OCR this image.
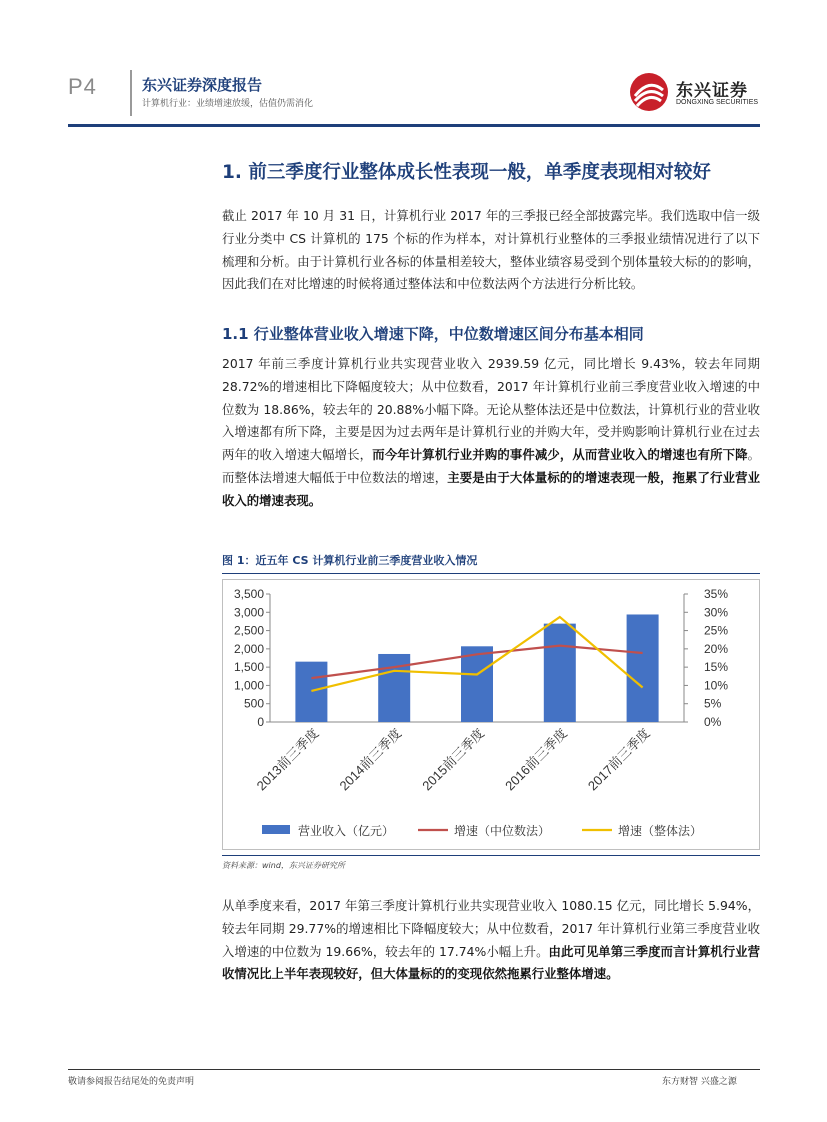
P4	东兴证券深度报告
计算机行业：业绩增速放缓，估值仍需消化
东兴证券
DONGXING SECURITIES
1. 前三季度行业整体成长性表现一般，单季度表现相对较好
截止 2017 年 10 月 31 日，计算机行业 2017 年的三季报已经全部披露完毕。我们选取中信一级行业分类中 CS 计算机的 175 个标的作为样本，对计算机行业整体的三季报业绩情况进行了以下梳理和分析。由于计算机行业各标的体量相差较大，整体业绩容易受到个别体量较大标的的影响，因此我们在对比增速的时候将通过整体法和中位数法两个方法进行分析比较。
1.1 行业整体营业收入增速下降，中位数增速区间分布基本相同
2017 年前三季度计算机行业共实现营业收入 2939.59 亿元，同比增长 9.43%，较去年同期 28.72%的增速相比下降幅度较大；从中位数看，2017 年计算机行业前三季度营业收入增速的中位数为 18.86%，较去年的 20.88%小幅下降。无论从整体法还是中位数法，计算机行业的营业收入增速都有所下降，主要是因为过去两年是计算机行业的并购大年，受并购影响计算机行业在过去两年的收入增速大幅增长，而今年计算机行业并购的事件减少，从而营业收入的增速也有所下降。而整体法增速大幅低于中位数法的增速，主要是由于大体量标的的增速表现一般，拖累了行业营业收入的增速表现。
图 1：近五年 CS 计算机行业前三季度营业收入情况
0
500
1,000
1,500
2,000
2,500
3,000
3,500
0%
5%
10%
15%
20%
25%
30%
35%
2013前三季度 2014前三季度 2015前三季度 2016前三季度 2017前三季度
营业收入（亿元）	增速（中位数法）	增速（整体法）
资料来源：wind，东兴证券研究所
从单季度来看，2017 年第三季度计算机行业共实现营业收入 1080.15 亿元，同比增长 5.94%，较去年同期 29.77%的增速相比下降幅度较大；从中位数看，2017 年计算机行业第三季度营业收入增速的中位数为 19.66%，较去年的 17.74%小幅上升。由此可见单第三季度而言计算机行业营收情况比上半年表现较好，但大体量标的的变现依然拖累行业整体增速。
敬请参阅报告结尾处的免责声明	东方财智 兴盛之源
